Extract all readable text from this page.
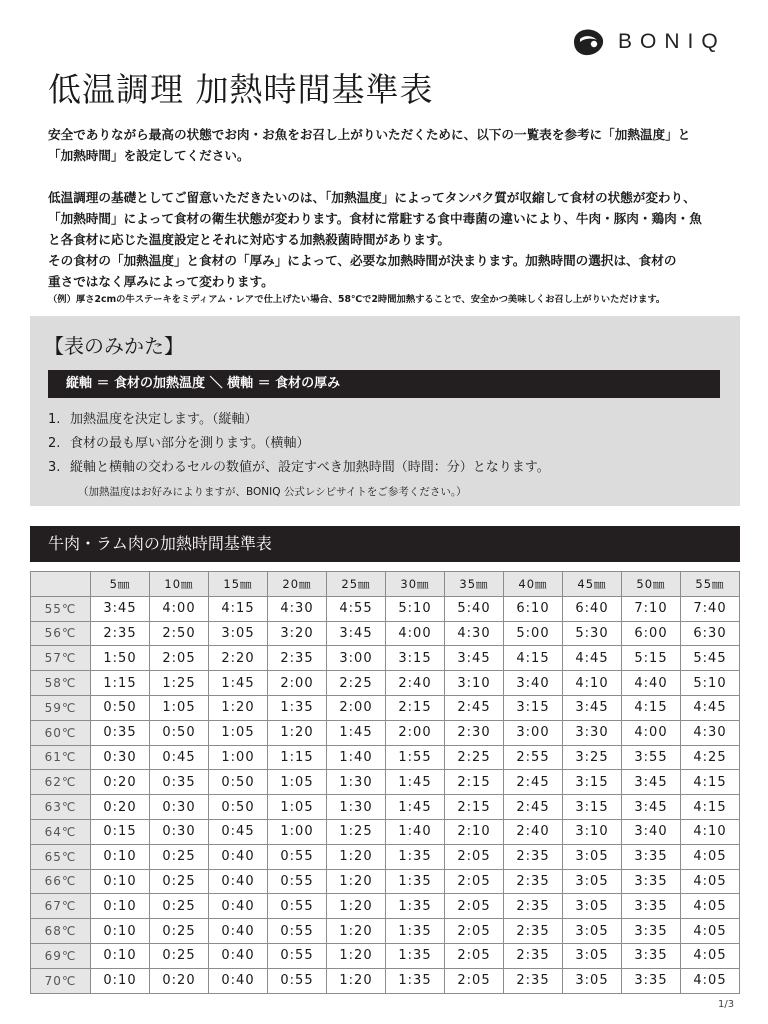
BONIQ
低温調理 加熱時間基準表

安全でありながら最高の状態でお肉・お魚をお召し上がりいただくために、以下の一覧表を参考に「加熱温度」と

「加熱時間」を設定してください。

低温調理の基礎としてご留意いただきたいのは、「加熱温度」によってタンパク質が収縮して食材の状態が変わり、

「加熱時間」によって食材の衛生状態が変わります。食材に常駐する食中毒菌の違いにより、牛肉・豚肉・鶏肉・魚

と各食材に応じた温度設定とそれに対応する加熱殺菌時間があります。

その食材の「加熱温度」と食材の「厚み」によって、必要な加熱時間が決まります。加熱時間の選択は、食材の

重さではなく厚みによって変わります。

（例）厚さ2cmの牛ステーキをミディアム・レアで仕上げたい場合、58℃で2時間加熱することで、安全かつ美味しくお召し上がりいただけます。

【表のみかた】
縦軸 ＝ 食材の加熱温度 ＼ 横軸 ＝ 食材の厚み
1. 加熱温度を決定します。（縦軸）
2. 食材の最も厚い部分を測ります。（横軸）
3. 縦軸と横軸の交わるセルの数値が、設定すべき加熱時間（時間：分）となります。
（加熱温度はお好みによりますが、BONIQ 公式レシピサイトをご参考ください。）
牛肉・ラム肉の加熱時間基準表
	5㎜	10㎜	15㎜	20㎜	25㎜	30㎜	35㎜	40㎜	45㎜	50㎜	55㎜
55℃	3:45	4:00	4:15	4:30	4:55	5:10	5:40	6:10	6:40	7:10	7:40
56℃	2:35	2:50	3:05	3:20	3:45	4:00	4:30	5:00	5:30	6:00	6:30
57℃	1:50	2:05	2:20	2:35	3:00	3:15	3:45	4:15	4:45	5:15	5:45
58℃	1:15	1:25	1:45	2:00	2:25	2:40	3:10	3:40	4:10	4:40	5:10
59℃	0:50	1:05	1:20	1:35	2:00	2:15	2:45	3:15	3:45	4:15	4:45
60℃	0:35	0:50	1:05	1:20	1:45	2:00	2:30	3:00	3:30	4:00	4:30
61℃	0:30	0:45	1:00	1:15	1:40	1:55	2:25	2:55	3:25	3:55	4:25
62℃	0:20	0:35	0:50	1:05	1:30	1:45	2:15	2:45	3:15	3:45	4:15
63℃	0:20	0:30	0:50	1:05	1:30	1:45	2:15	2:45	3:15	3:45	4:15
64℃	0:15	0:30	0:45	1:00	1:25	1:40	2:10	2:40	3:10	3:40	4:10
65℃	0:10	0:25	0:40	0:55	1:20	1:35	2:05	2:35	3:05	3:35	4:05
66℃	0:10	0:25	0:40	0:55	1:20	1:35	2:05	2:35	3:05	3:35	4:05
67℃	0:10	0:25	0:40	0:55	1:20	1:35	2:05	2:35	3:05	3:35	4:05
68℃	0:10	0:25	0:40	0:55	1:20	1:35	2:05	2:35	3:05	3:35	4:05
69℃	0:10	0:25	0:40	0:55	1:20	1:35	2:05	2:35	3:05	3:35	4:05
70℃	0:10	0:20	0:40	0:55	1:20	1:35	2:05	2:35	3:05	3:35	4:05
1/3
